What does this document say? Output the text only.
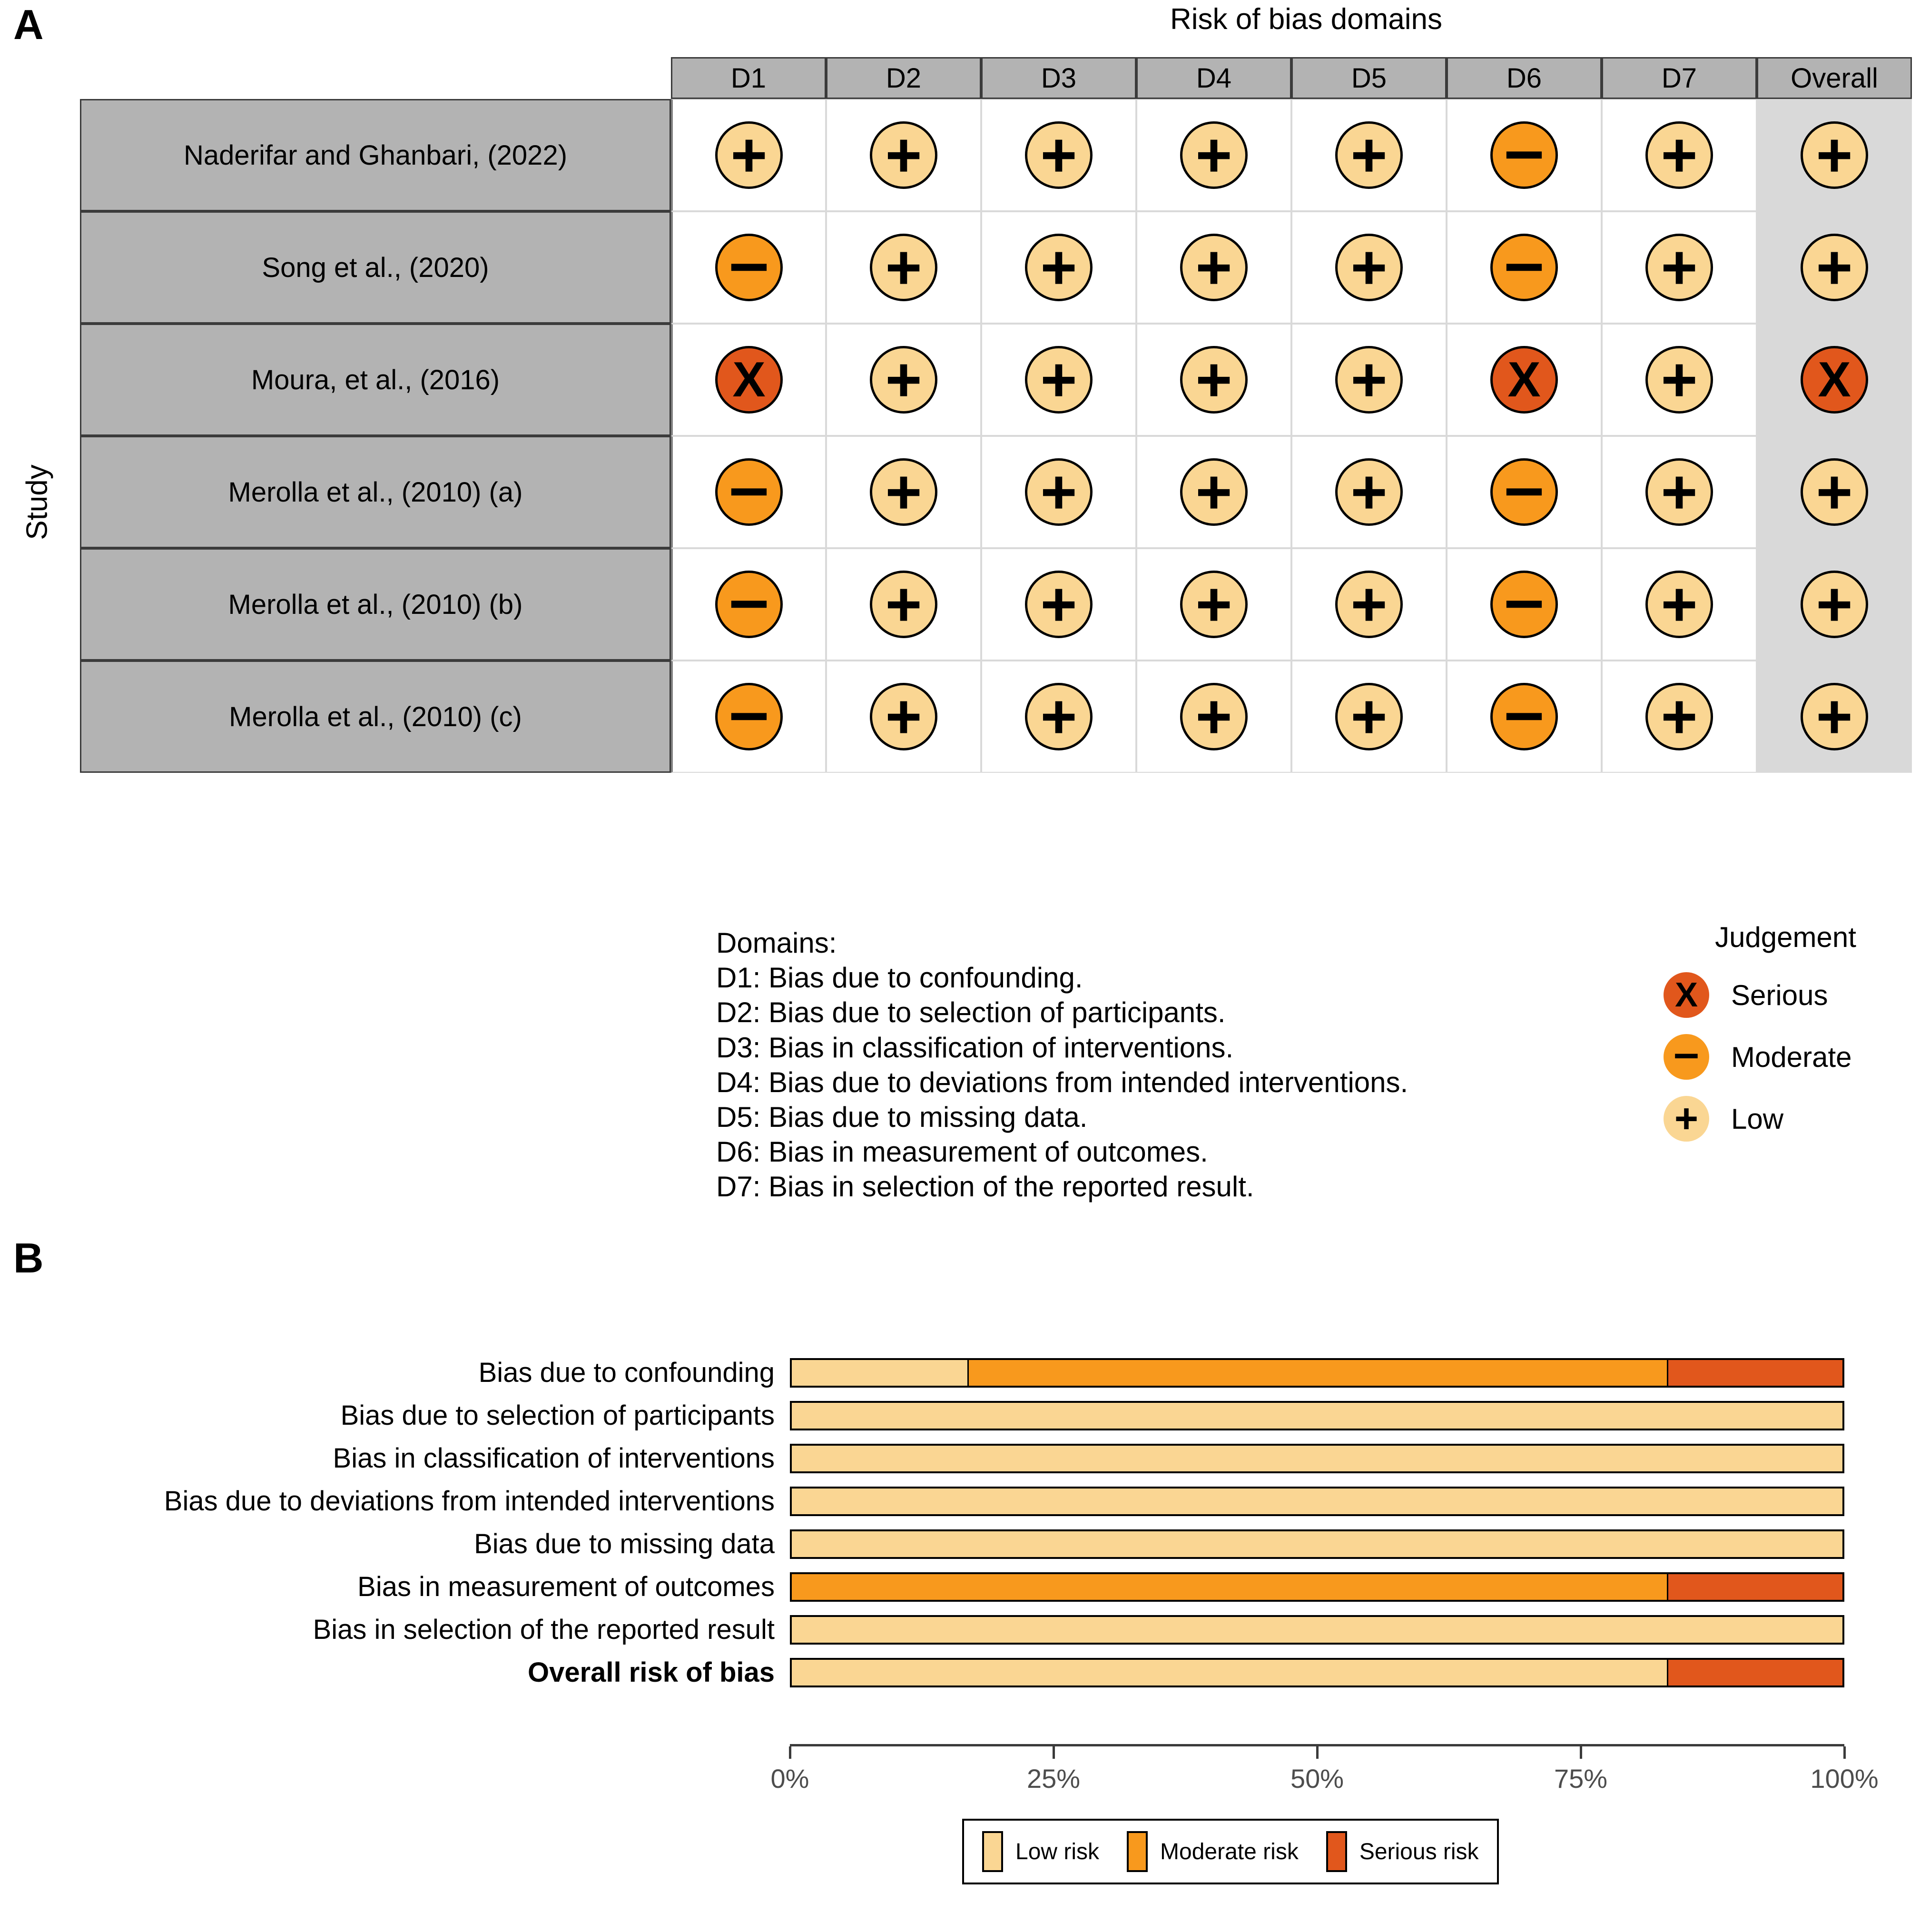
A	Risk of bias domains
Study
	D1	D2	D3	D4	D5	D6	D7	Overall
Naderifar and Ghanbari, (2022)	+	+	+	+	+	–	+	+

Song et al., (2020)	–	+	+	+	+	–	+	+

Moura, et al., (2016)	X	+	+	+	+	X	+	X

Merolla et al., (2010) (a)	–	+	+	+	+	–	+	+

Merolla et al., (2010) (b)	–	+	+	+	+	–	+	+

Merolla et al., (2010) (c)	–	+	+	+	+	–	+	+
Domains:
D1: Bias due to confounding.
D2: Bias due to selection of participants.
D3: Bias in classification of interventions.
D4: Bias due to deviations from intended interventions.
D5: Bias due to missing data.
D6: Bias in measurement of outcomes.
D7: Bias in selection of the reported result.
Judgement
X	Serious
–	Moderate
+	Low
B
Bias due to confounding
Bias due to selection of participants
Bias in classification of interventions
Bias due to deviations from intended interventions
Bias due to missing data
Bias in measurement of outcomes
Bias in selection of the reported result
Overall risk of bias
0%	25%	50%	75%	100%
Low risk	Moderate risk	Serious risk
